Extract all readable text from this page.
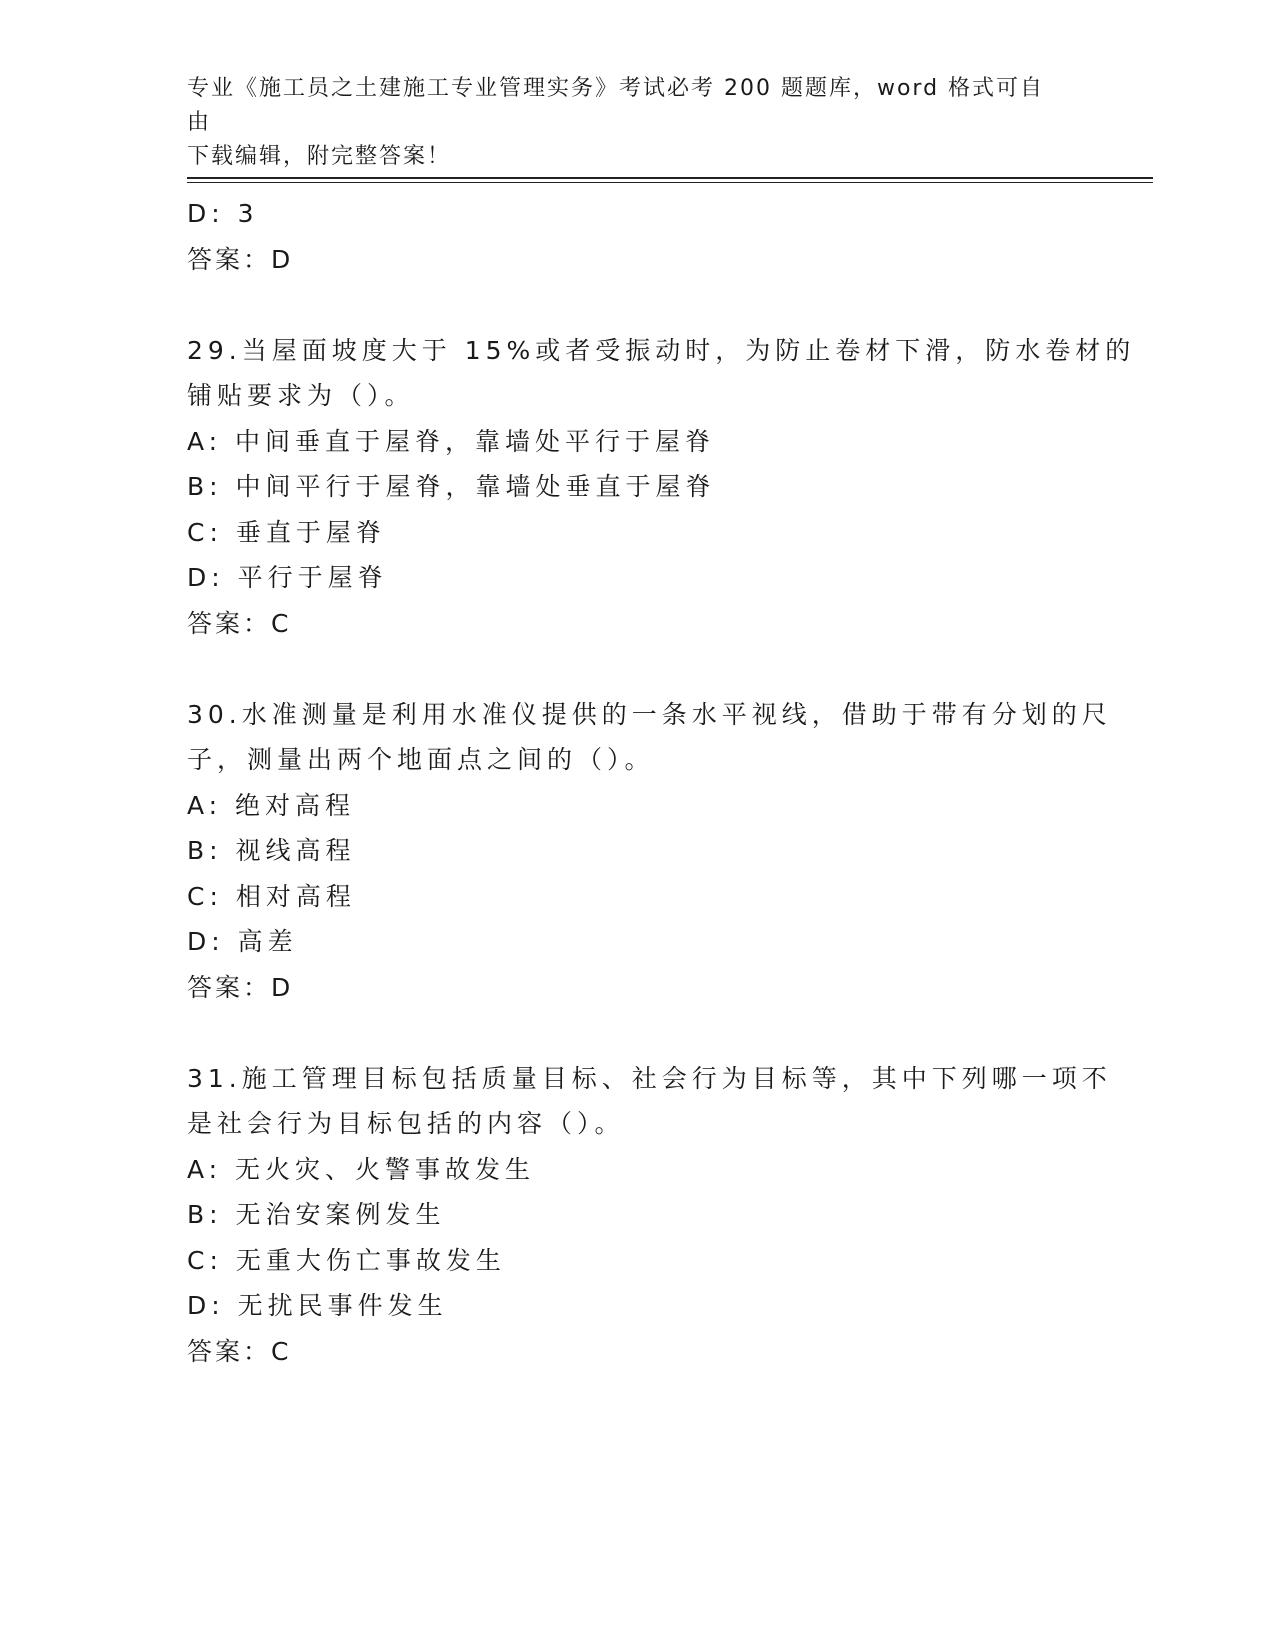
专业《施工员之土建施工专业管理实务》考试必考 200 题题库，word 格式可自由
下载编辑，附完整答案！
D: 3
答案：D
29.当屋面坡度大于 15%或者受振动时，为防止卷材下滑，防水卷材的
铺贴要求为（）。
A: 中间垂直于屋脊，靠墙处平行于屋脊
B: 中间平行于屋脊，靠墙处垂直于屋脊
C: 垂直于屋脊
D: 平行于屋脊
答案：C
30.水准测量是利用水准仪提供的一条水平视线，借助于带有分划的尺
子，测量出两个地面点之间的（）。
A: 绝对高程
B: 视线高程
C: 相对高程
D: 高差
答案：D
31.施工管理目标包括质量目标、社会行为目标等，其中下列哪一项不
是社会行为目标包括的内容（）。
A: 无火灾、火警事故发生
B: 无治安案例发生
C: 无重大伤亡事故发生
D: 无扰民事件发生
答案：C
